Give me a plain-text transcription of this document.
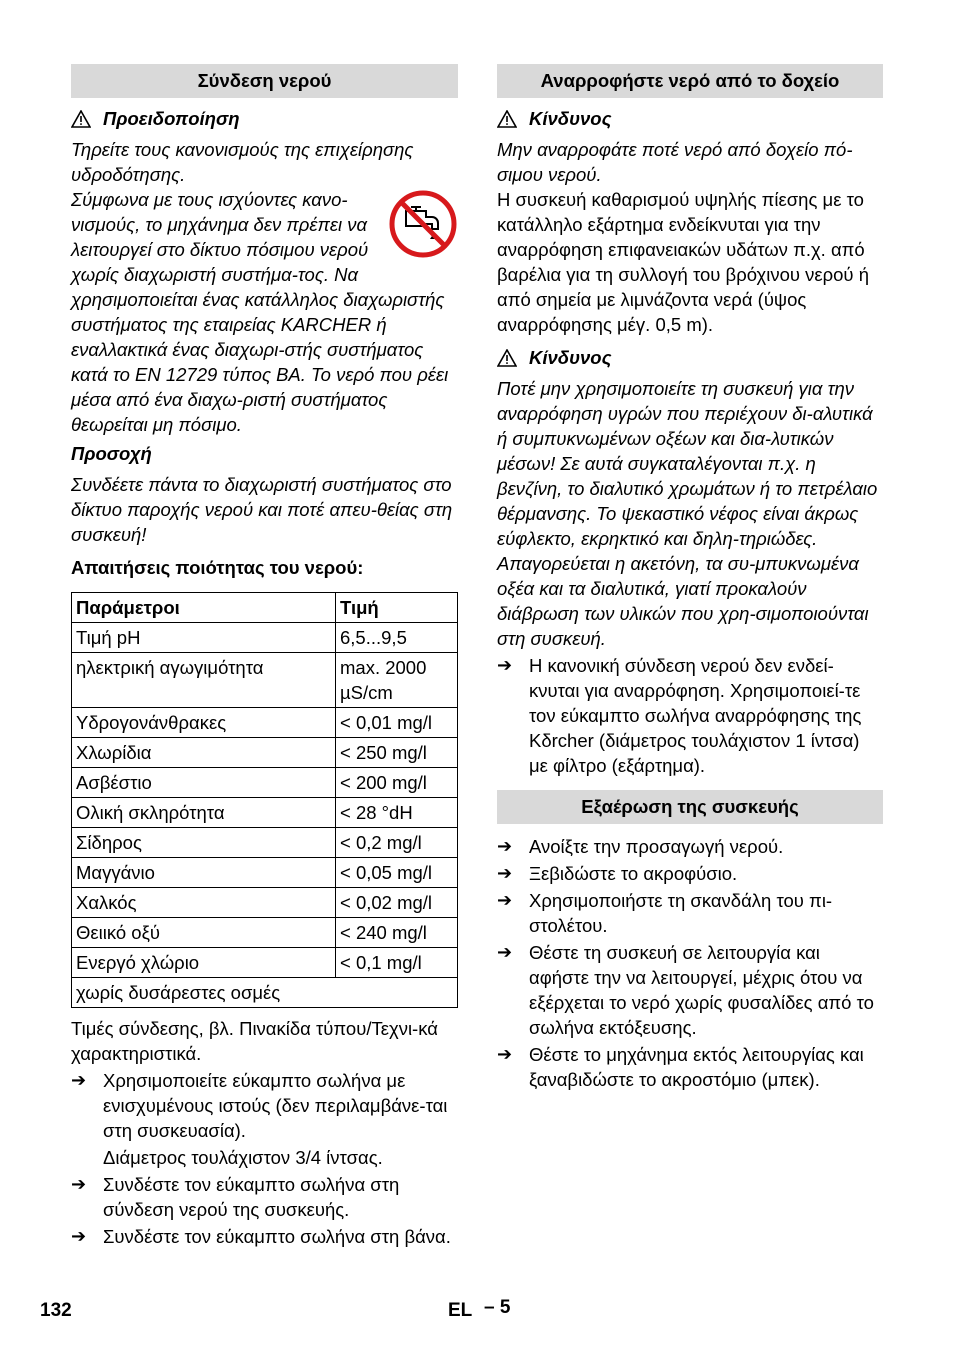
Σύνδεση νερού
Προειδοποίηση
Τηρείτε τους κανονισμούς της επιχείρησης υδροδότησης.
Σύμφωνα με τους ισχύοντες κανο-νισμούς, το μηχάνημα δεν πρέπει να λειτουργεί στο δίκτυο πόσιμου νερού χωρίς διαχωριστή συστήμα-τος. Να χρησιμοποιείται ένας κατάλληλος διαχωριστής συστήματος της εταιρείας KARCHER ή εναλλακτικά ένας διαχωρι-στής συστήματος κατά το EN 12729 τύπος BA. Το νερό που ρέει μέσα από ένα διαχω-ριστή συστήματος θεωρείται μη πόσιμο.
Προσοχή
Συνδέετε πάντα το διαχωριστή συστήματος στο δίκτυο παροχής νερού και ποτέ απευ-θείας στη συσκευή!
Απαιτήσεις ποιότητας του νερού:
Παράμετροι	Τιμή
Τιμή pH	6,5...9,5
ηλεκτρική αγωγιμότητα	max. 2000 µS/cm
Υδρογονάνθρακες	< 0,01 mg/l
Χλωρίδια	< 250 mg/l
Ασβέστιο	< 200 mg/l
Ολική σκληρότητα	< 28 °dH
Σίδηρος	< 0,2 mg/l
Μαγγάνιο	< 0,05 mg/l
Χαλκός	< 0,02 mg/l
Θειικό οξύ	< 240 mg/l
Ενεργό χλώριο	< 0,1 mg/l
χωρίς δυσάρεστες οσμές	
Τιμές σύνδεσης, βλ. Πινακίδα τύπου/Τεχνι-κά χαρακτηριστικά.
➔ Χρησιμοποιείτε εύκαμπτο σωλήνα με ενισχυμένους ιστούς (δεν περιλαμβάνε-ται στη συσκευασία).
Διάμετρος τουλάχιστον 3/4 ίντσας.
➔ Συνδέστε τον εύκαμπτο σωλήνα στη σύνδεση νερού της συσκευής.
➔ Συνδέστε τον εύκαμπτο σωλήνα στη βάνα.
Αναρροφήστε νερό από το δοχείο
Κίνδυνος
Μην αναρροφάτε ποτέ νερό από δοχείο πό-σιμου νερού.
Η συσκευή καθαρισμού υψηλής πίεσης με το κατάλληλο εξάρτημα ενδείκνυται για την αναρρόφηση επιφανειακών υδάτων π.χ. από βαρέλια για τη συλλογή του βρόχινου νερού ή από σημεία με λιμνάζοντα νερά (ύψος αναρρόφησης μέγ. 0,5 m).
Κίνδυνος
Ποτέ μην χρησιμοποιείτε τη συσκευή για την αναρρόφηση υγρών που περιέχουν δι-αλυτικά ή συμπυκνωμένων οξέων και δια-λυτικών μέσων! Σε αυτά συγκαταλέγονται π.χ. η βενζίνη, το διαλυτικό χρωμάτων ή το πετρέλαιο θέρμανσης. Το ψεκαστικό νέφος είναι άκρως εύφλεκτο, εκρηκτικό και δηλη-τηριώδες. Απαγορεύεται η ακετόνη, τα συ-μπυκνωμένα οξέα και τα διαλυτικά, γιατί προκαλούν διάβρωση των υλικών που χρη-σιμοποιούνται στη συσκευή.
➔ Η κανονική σύνδεση νερού δεν ενδεί-κνυται για αναρρόφηση. Χρησιμοποιεί-τε τον εύκαμπτο σωλήνα αναρρόφησης της Kδrcher (διάμετρος τουλάχιστον 1 ίντσα) με φίλτρο (εξάρτημα).
Εξαέρωση της συσκευής
➔ Ανοίξτε την προσαγωγή νερού.
➔ Ξεβιδώστε το ακροφύσιο.
➔ Χρησιμοποιήστε τη σκανδάλη του πι-στολέτου.
➔ Θέστε τη συσκευή σε λειτουργία και αφήστε την να λειτουργεί, μέχρις ότου να εξέρχεται το νερό χωρίς φυσαλίδες από το σωλήνα εκτόξευσης.
➔ Θέστε το μηχάνημα εκτός λειτουργίας και ξαναβιδώστε το ακροστόμιο (μπεκ).
132	EL – 5
